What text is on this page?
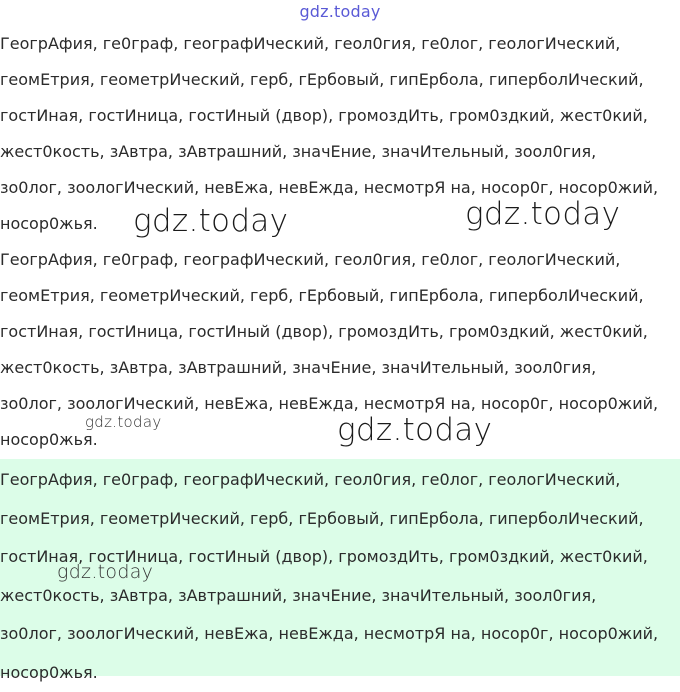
gdz.today
ГеогрАфия, ге0граф, географИческий, геол0гия, ге0лог, геологИческий, геомЕтрия, геометрИческий, герб, гЕрбовый, гипЕрбола, гиперболИческий, гостИная, гостИница, гостИный (двор), громоздИть, гром0здкий, жест0кий, жест0кость, зАвтра, зАвтрашний, значЕние, значИтельный, зоол0гия, зо0лог, зоологИческий, невЕжа, невЕжда, несмотрЯ на, носор0г, носор0жий, носор0жья.
ГеогрАфия, ге0граф, географИческий, геол0гия, ге0лог, геологИческий, геомЕтрия, геометрИческий, герб, гЕрбовый, гипЕрбола, гиперболИческий, гостИная, гостИница, гостИный (двор), громоздИть, гром0здкий, жест0кий, жест0кость, зАвтра, зАвтрашний, значЕние, значИтельный, зоол0гия, зо0лог, зоологИческий, невЕжа, невЕжда, несмотрЯ на, носор0г, носор0жий, носор0жья.
ГеогрАфия, ге0граф, географИческий, геол0гия, ге0лог, геологИческий, геомЕтрия, геометрИческий, герб, гЕрбовый, гипЕрбола, гиперболИческий, гостИная, гостИница, гостИный (двор), громоздИть, гром0здкий, жест0кий, жест0кость, зАвтра, зАвтрашний, значЕние, значИтельный, зоол0гия, зо0лог, зоологИческий, невЕжа, невЕжда, несмотрЯ на, носор0г, носор0жий, носор0жья.
gdz.today	gdz.today
gdz.today	gdz.today
gdz.today
